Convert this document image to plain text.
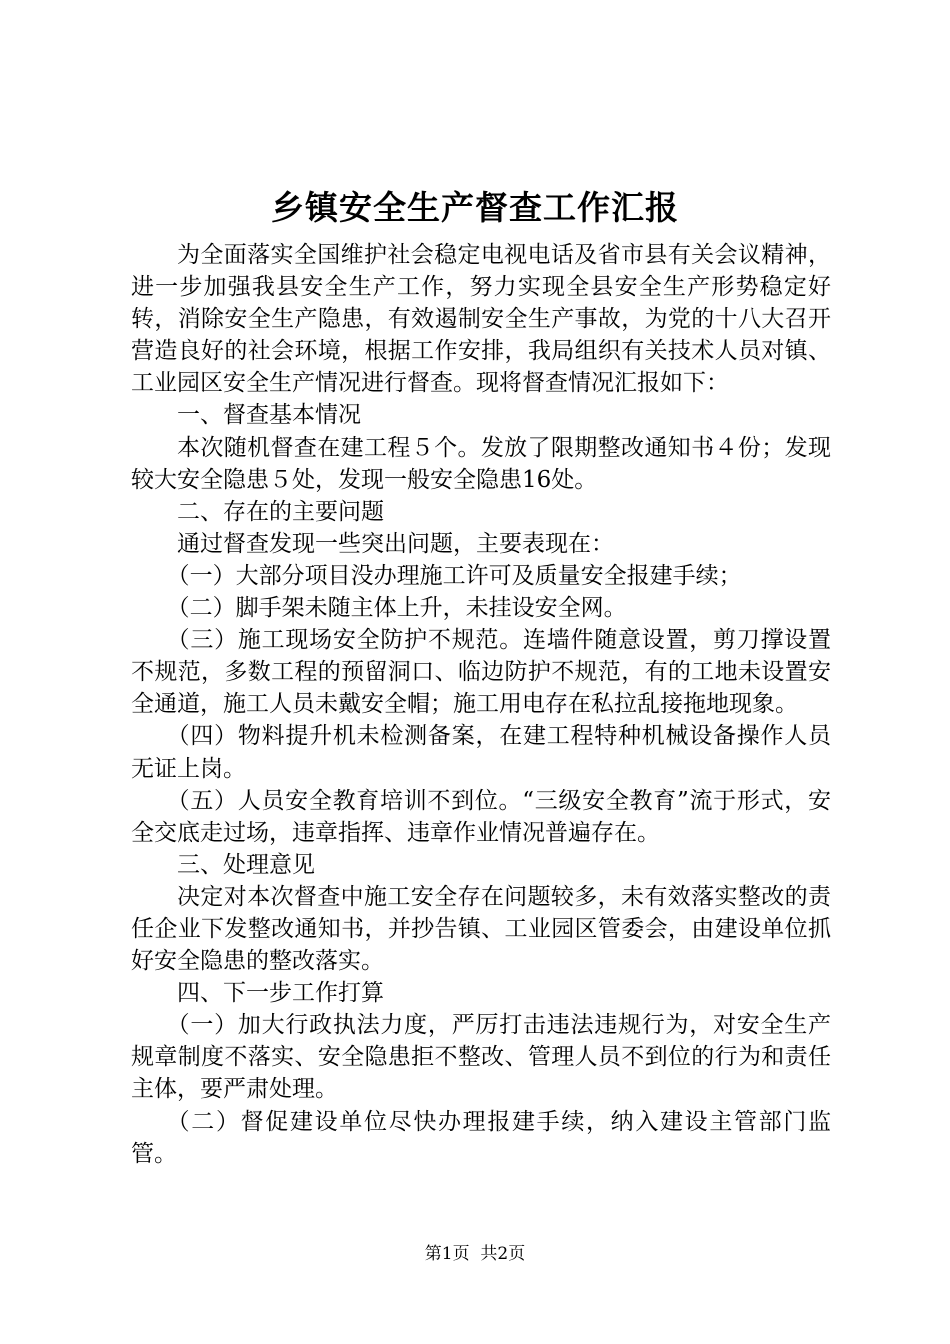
乡镇安全生产督查工作汇报

为全面落实全国维护社会稳定电视电话及省市县有关会议精神，进一步加强我县安全生产工作，努力实现全县安全生产形势稳定好转，消除安全生产隐患，有效遏制安全生产事故，为党的十八大召开营造良好的社会环境，根据工作安排，我局组织有关技术人员对镇、工业园区安全生产情况进行督查。现将督查情况汇报如下：

一、督查基本情况

本次随机督查在建工程５个。发放了限期整改通知书４份；发现较大安全隐患５处，发现一般安全隐患16处。

二、存在的主要问题

通过督查发现一些突出问题，主要表现在：

（一）大部分项目没办理施工许可及质量安全报建手续；

（二）脚手架未随主体上升，未挂设安全网。

（三）施工现场安全防护不规范。连墙件随意设置，剪刀撑设置不规范，多数工程的预留洞口、临边防护不规范，有的工地未设置安全通道，施工人员未戴安全帽；施工用电存在私拉乱接拖地现象。

（四）物料提升机未检测备案，在建工程特种机械设备操作人员无证上岗。

（五）人员安全教育培训不到位。“三级安全教育”流于形式，安全交底走过场，违章指挥、违章作业情况普遍存在。

三、处理意见

决定对本次督查中施工安全存在问题较多，未有效落实整改的责任企业下发整改通知书，并抄告镇、工业园区管委会，由建设单位抓好安全隐患的整改落实。

四、下一步工作打算

（一）加大行政执法力度，严厉打击违法违规行为，对安全生产规章制度不落实、安全隐患拒不整改、管理人员不到位的行为和责任主体，要严肃处理。

（二）督促建设单位尽快办理报建手续，纳入建设主管部门监管。

第1页 共2页
